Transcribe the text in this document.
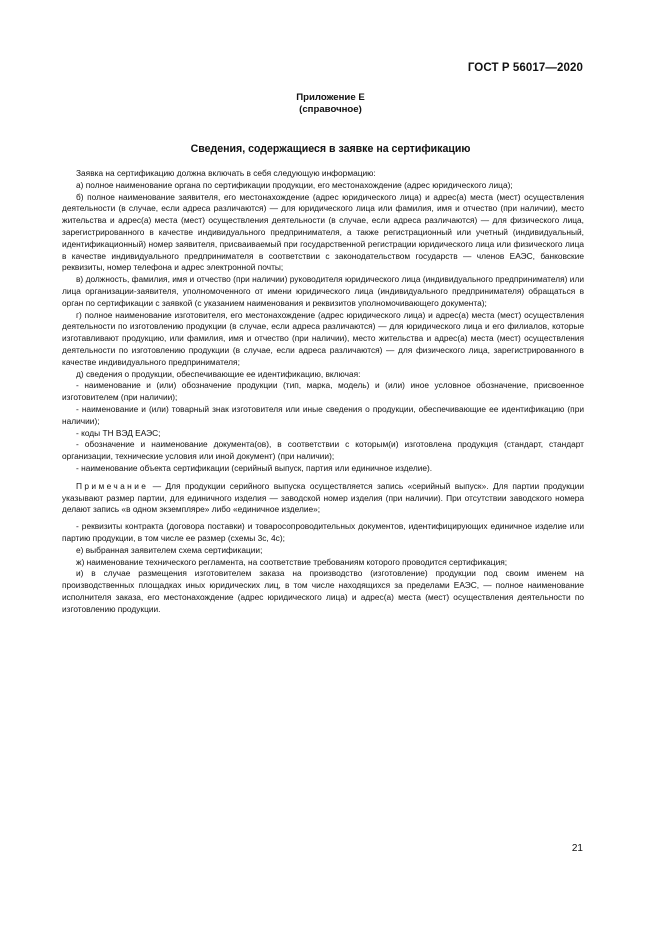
ГОСТ Р 56017—2020
Приложение Е
(справочное)
Сведения, содержащиеся в заявке на сертификацию

Заявка на сертификацию должна включать в себя следующую информацию:

а) полное наименование органа по сертификации продукции, его местонахождение (адрес юридического лица);

б) полное наименование заявителя, его местонахождение (адрес юридического лица) и адрес(а) места (мест) осуществления деятельности (в случае, если адреса различаются) — для юридического лица или фамилия, имя и отчество (при наличии), место жительства и адрес(а) места (мест) осуществления деятельности (в случае, если адреса различаются) — для физического лица, зарегистрированного в качестве индивидуального предпринимателя, а также регистрационный или учетный (индивидуальный, идентификационный) номер заявителя, присваиваемый при государственной регистрации юридического лица или физического лица в качестве индивидуального предпринимателя в соответствии с законодательством государств — членов ЕАЭС, банковские реквизиты, номер телефона и адрес электронной почты;

в) должность, фамилия, имя и отчество (при наличии) руководителя юридического лица (индивидуального предпринимателя) или лица организации-заявителя, уполномоченного от имени юридического лица (индивидуального предпринимателя) обращаться в орган по сертификации с заявкой (с указанием наименования и реквизитов уполномочивающего документа);

г) полное наименование изготовителя, его местонахождение (адрес юридического лица) и адрес(а) места (мест) осуществления деятельности по изготовлению продукции (в случае, если адреса различаются) — для юридического лица и его филиалов, которые изготавливают продукцию, или фамилия, имя и отчество (при наличии), место жительства и адрес(а) места (мест) осуществления деятельности по изготовлению продукции (в случае, если адреса различаются) — для физического лица, зарегистрированного в качестве индивидуального предпринимателя;

д) сведения о продукции, обеспечивающие ее идентификацию, включая:

- наименование и (или) обозначение продукции (тип, марка, модель) и (или) иное условное обозначение, присвоенное изготовителем (при наличии);

- наименование и (или) товарный знак изготовителя или иные сведения о продукции, обеспечивающие ее идентификацию (при наличии);

- коды ТН ВЭД ЕАЭС;

- обозначение и наименование документа(ов), в соответствии с которым(и) изготовлена продукция (стандарт, стандарт организации, технические условия или иной документ) (при наличии);

- наименование объекта сертификации (серийный выпуск, партия или единичное изделие).

Примечание — Для продукции серийного выпуска осуществляется запись «серийный выпуск». Для партии продукции указывают размер партии, для единичного изделия — заводской номер изделия (при наличии). При отсутствии заводского номера делают запись «в одном экземпляре» либо «единичное изделие»;

- реквизиты контракта (договора поставки) и товаросопроводительных документов, идентифицирующих единичное изделие или партию продукции, в том числе ее размер (схемы 3с, 4с);

е) выбранная заявителем схема сертификации;

ж) наименование технического регламента, на соответствие требованиям которого проводится сертификация;

и) в случае размещения изготовителем заказа на производство (изготовление) продукции под своим именем на производственных площадках иных юридических лиц, в том числе находящихся за пределами ЕАЭС, — полное наименование исполнителя заказа, его местонахождение (адрес юридического лица) и адрес(а) места (мест) осуществления деятельности по изготовлению продукции.

21
